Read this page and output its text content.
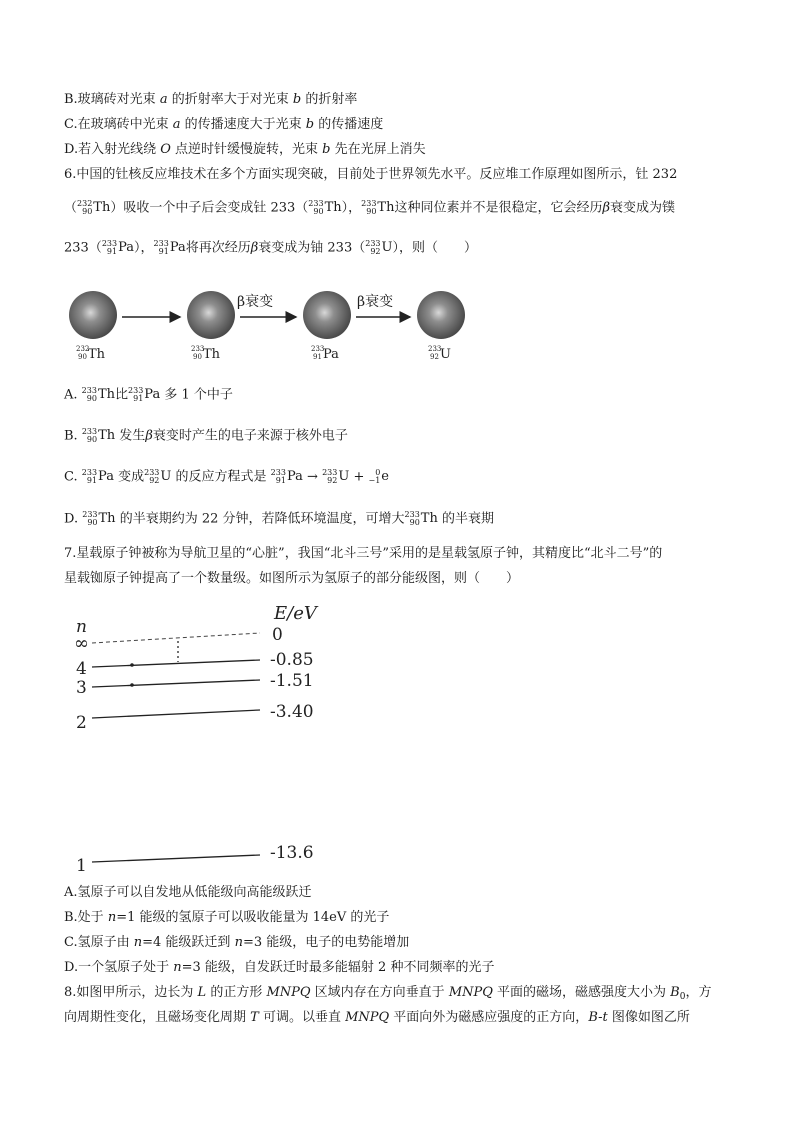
B.玻璃砖对光束 a 的折射率大于对光束 b 的折射率
C.在玻璃砖中光束 a 的传播速度大于光束 b 的传播速度
D.若入射光线绕 O 点逆时针缓慢旋转，光束 b 先在光屏上消失
6.中国的钍核反应堆技术在多个方面实现突破，目前处于世界领先水平。反应堆工作原理如图所示，钍 232
（ 232
90 Th ）吸收一个中子后会变成钍 233（ 233
90 Th ）， 233
90 Th 这种同位素并不是很稳定，它会经历β衰变成为镤
233（ 233
91 Pa ）， 233
91 Pa 将再次经历β衰变成为铀 233（ 233
92 U ），则（　　）
β衰变	β衰变
232
90 Th	233
90 Th	233
91 Pa	233
92 U
A. 233
90 Th 比 233
91 Pa 多 1 个中子
B. 233
90 Th 发生β衰变时产生的电子来源于核外电子
C. 233
91 Pa 变成 233
92 U 的反应方程式是 233
91 Pa → 233
92 U +	0
−1 e
D. 233
90 Th 的半衰期约为 22 分钟，若降低环境温度，可增大 233
90 Th 的半衰期
7.星载原子钟被称为导航卫星的“心脏”，我国“北斗三号”采用的是星载氢原子钟，其精度比“北斗二号”的
星载铷原子钟提高了一个数量级。如图所示为氢原子的部分能级图，则（　　）
E/eV
n
∞	0
4	-0.85
3	-1.51
2
-3.40
1
-13.6
A.氢原子可以自发地从低能级向高能级跃迁
B.处于 n=1 能级的氢原子可以吸收能量为 14eV 的光子
C.氢原子由 n=4 能级跃迁到 n=3 能级，电子的电势能增加
D.一个氢原子处于 n=3 能级，自发跃迁时最多能辐射 2 种不同频率的光子
8.如图甲所示，边长为 L 的正方形 MNPQ 区域内存在方向垂直于 MNPQ 平面的磁场，磁感强度大小为 $B_0$，方
向周期性变化，且磁场变化周期 T 可调。以垂直 MNPQ 平面向外为磁感应强度的正方向，B-t 图像如图乙所
